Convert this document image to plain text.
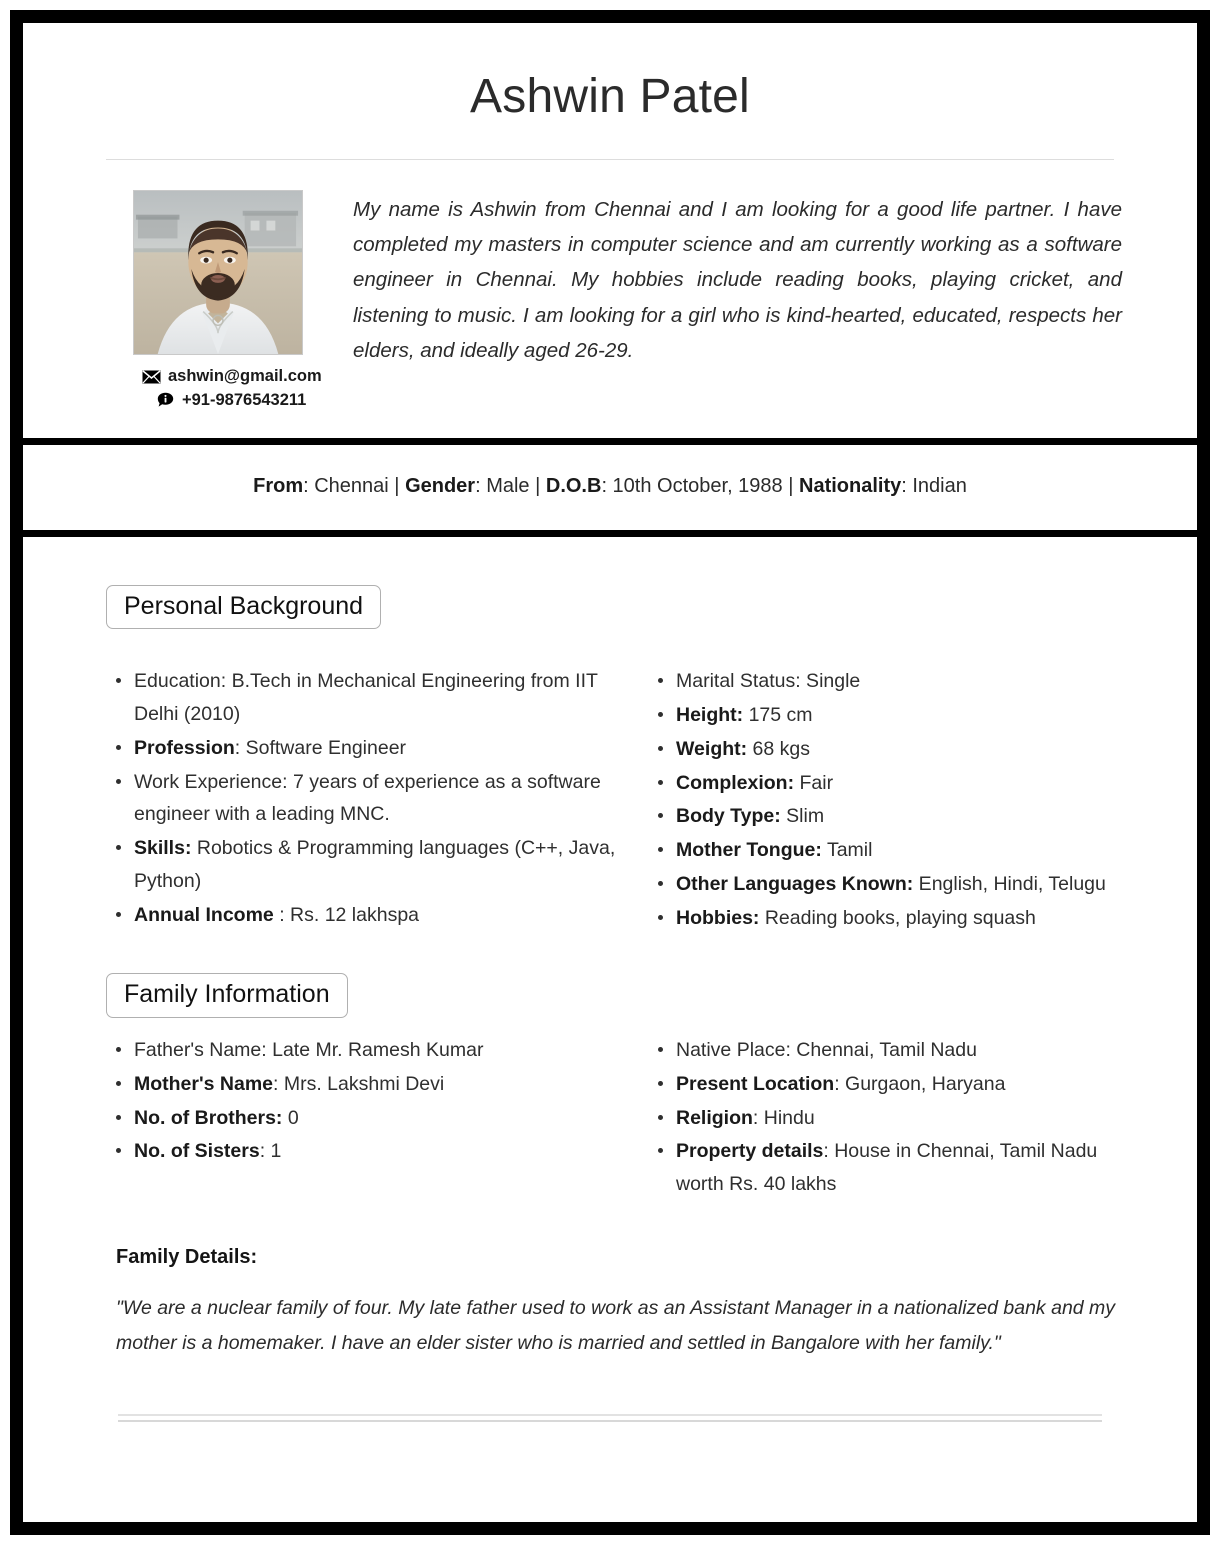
Ashwin Patel
ashwin@gmail.com
+91-9876543211
My name is Ashwin from Chennai and I am looking for a good life partner. I have completed my masters in computer science and am currently working as a software engineer in Chennai. My hobbies include reading books, playing cricket, and listening to music. I am looking for a girl who is kind-hearted, educated, respects her elders, and ideally aged 26-29.
From: Chennai | Gender: Male | D.O.B: 10th October, 1988 | Nationality: Indian
Personal Background
Education: B.Tech in Mechanical Engineering from IIT Delhi (2010)
Profession: Software Engineer
Work Experience: 7 years of experience as a software engineer with a leading MNC.
Skills: Robotics & Programming languages (C++, Java, Python)
Annual Income : Rs. 12 lakhspa
Marital Status: Single
Height: 175 cm
Weight: 68 kgs
Complexion: Fair
Body Type: Slim
Mother Tongue: Tamil
Other Languages Known: English, Hindi, Telugu
Hobbies: Reading books, playing squash
Family Information
Father's Name: Late Mr. Ramesh Kumar
Mother's Name: Mrs. Lakshmi Devi
No. of Brothers: 0
No. of Sisters: 1
Native Place: Chennai, Tamil Nadu
Present Location: Gurgaon, Haryana
Religion: Hindu
Property details: House in Chennai, Tamil Nadu worth Rs. 40 lakhs
Family Details:
"We are a nuclear family of four. My late father used to work as an Assistant Manager in a nationalized bank and my mother is a homemaker. I have an elder sister who is married and settled in Bangalore with her family."
